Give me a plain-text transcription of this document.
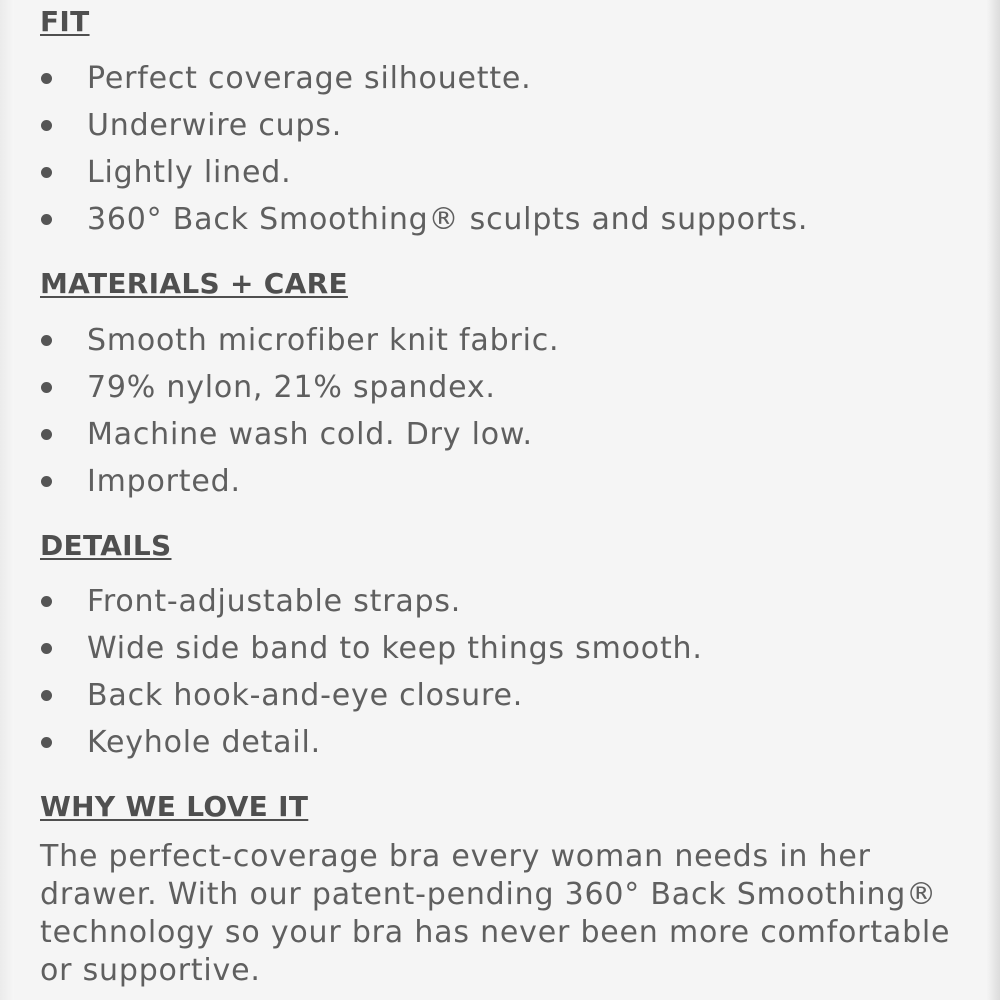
FIT
Perfect coverage silhouette.
Underwire cups.
Lightly lined.
360° Back Smoothing® sculpts and supports.
MATERIALS + CARE
Smooth microfiber knit fabric.
79% nylon, 21% spandex.
Machine wash cold. Dry low.
Imported.
DETAILS
Front-adjustable straps.
Wide side band to keep things smooth.
Back hook-and-eye closure.
Keyhole detail.
WHY WE LOVE IT

The perfect-coverage bra every woman needs in her drawer. With our patent-pending 360° Back Smoothing® technology so your bra has never been more comfortable or supportive.
